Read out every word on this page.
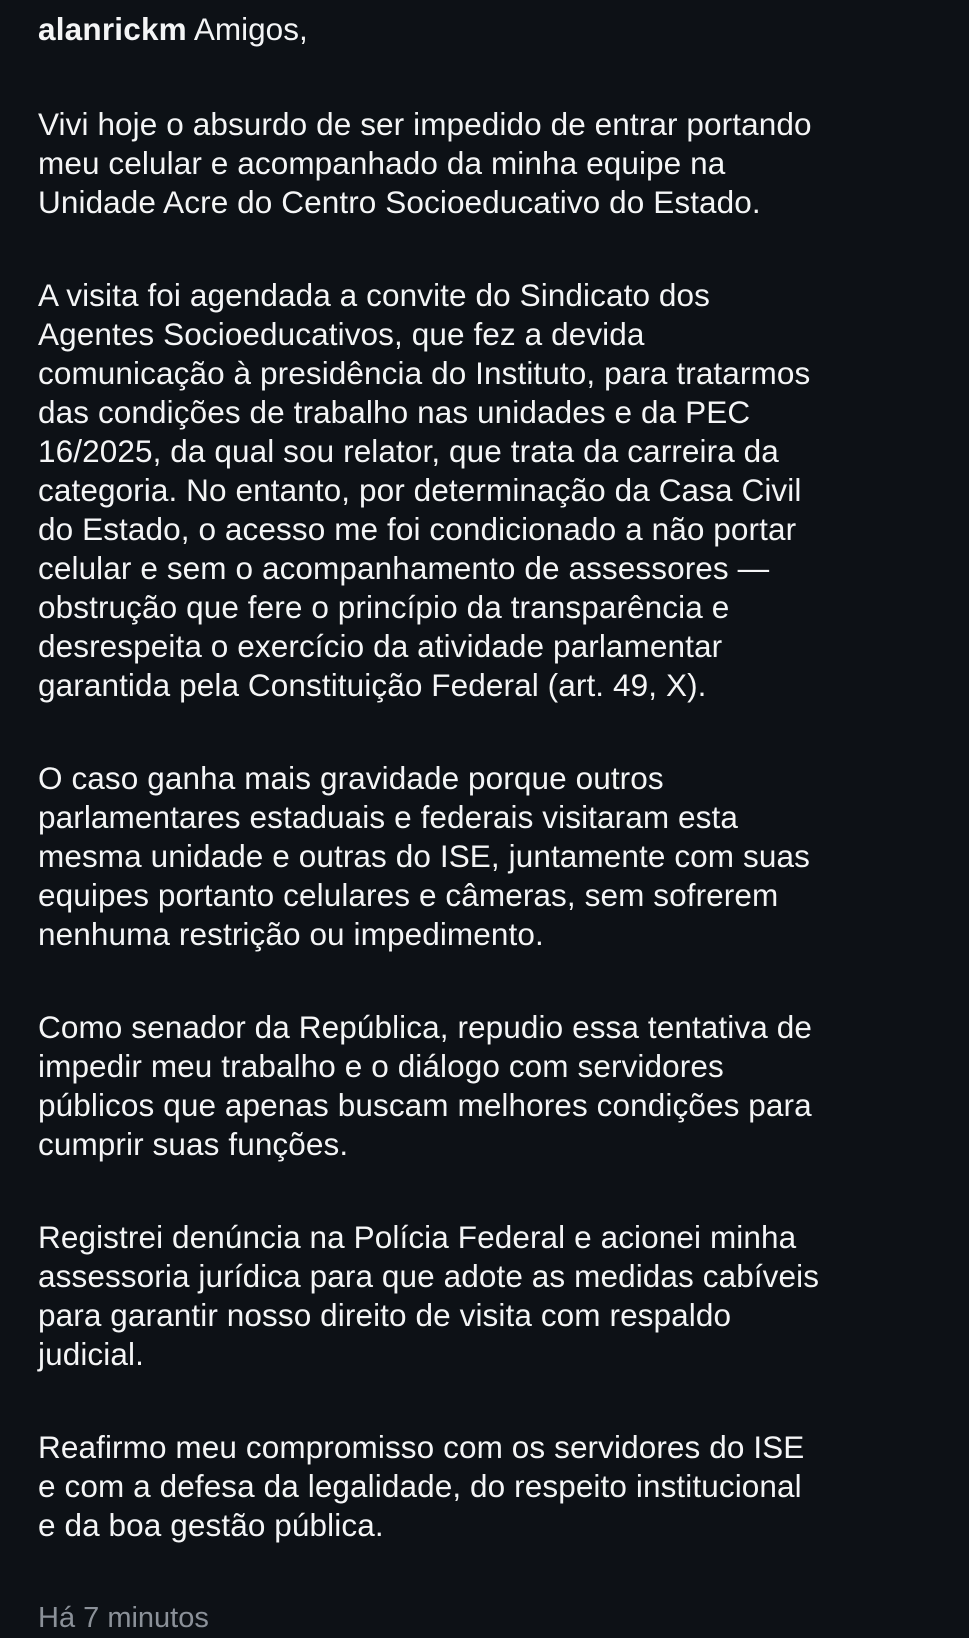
alanrickm Amigos,

Vivi hoje o absurdo de ser impedido de entrar portando
meu celular e acompanhado da minha equipe na
Unidade Acre do Centro Socioeducativo do Estado.

A visita foi agendada a convite do Sindicato dos
Agentes Socioeducativos, que fez a devida
comunicação à presidência do Instituto, para tratarmos
das condições de trabalho nas unidades e da PEC
16/2025, da qual sou relator, que trata da carreira da
categoria. No entanto, por determinação da Casa Civil
do Estado, o acesso me foi condicionado a não portar
celular e sem o acompanhamento de assessores —
obstrução que fere o princípio da transparência e
desrespeita o exercício da atividade parlamentar
garantida pela Constituição Federal (art. 49, X).

O caso ganha mais gravidade porque outros
parlamentares estaduais e federais visitaram esta
mesma unidade e outras do ISE, juntamente com suas
equipes portanto celulares e câmeras, sem sofrerem
nenhuma restrição ou impedimento.

Como senador da República, repudio essa tentativa de
impedir meu trabalho e o diálogo com servidores
públicos que apenas buscam melhores condições para
cumprir suas funções.

Registrei denúncia na Polícia Federal e acionei minha
assessoria jurídica para que adote as medidas cabíveis
para garantir nosso direito de visita com respaldo
judicial.

Reafirmo meu compromisso com os servidores do ISE
e com a defesa da legalidade, do respeito institucional
e da boa gestão pública.

Há 7 minutos
